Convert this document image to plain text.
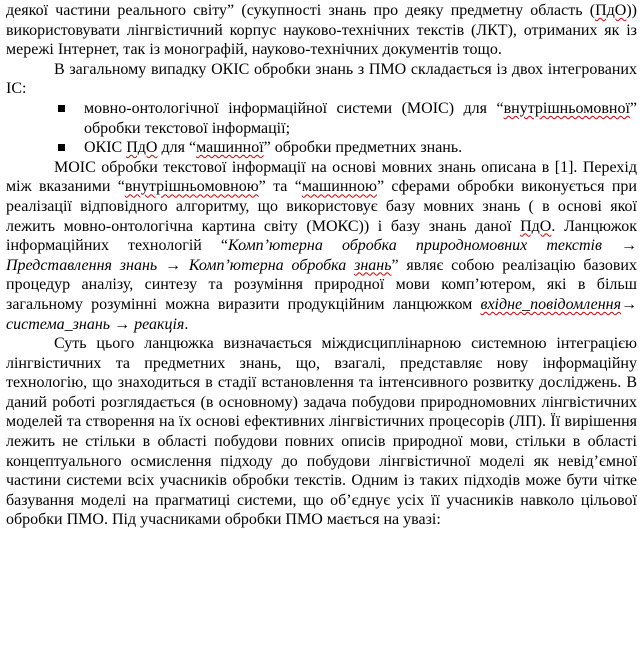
деякої частини реального світу” (сукупності знань про деяку предметну область (ПдО)) використовувати лінгвістичний корпус науково-технічних текстів (ЛКТ), отриманих як із мережі Інтернет, так із монографій, науково-технічних документів тощо.

В загальному випадку ОКІС обробки знань з ПМО складається із двох інтегрованих ІС:

мовно-онтологічної інформаційної системи (МОІС) для “внутрішньомовної” обробки текстової інформації;
ОКІС ПдО для “машинної” обробки предметних знань.

МОІС обробки текстової інформації на основі мовних знань описана в [1]. Перехід між вказаними “внутрішньомовною” та “машинною” сферами обробки виконується при реалізації відповідного алгоритму, що використовує базу мовних знань ( в основі якої лежить мовно-онтологічна картина світу (МОКС)) і базу знань даної ПдО. Ланцюжок інформаційних технологій “Комп’ютерна обробка природномовних текстів → Представлення знань → Комп’ютерна обробка знань” являє собою реалізацію базових процедур аналізу, синтезу та розуміння природної мови комп’ютером, які в більш загальному розумінні можна виразити продукційним ланцюжком вхідне_повідомлення→ система_знань → реакція.

Суть цього ланцюжка визначається міждисциплінарною системною інтеграцією лінгвістичних та предметних знань, що, взагалі, представляє нову інформаційну технологію, що знаходиться в стадії встановлення та інтенсивного розвитку досліджень. В даний роботі розглядається (в основному) задача побудови природномовних лінгвістичних моделей та створення на їх основі ефективних лінгвістичних процесорів (ЛП). Її вирішення лежить не стільки в області побудови повних описів природної мови, стільки в області концептуального осмислення підходу до побудови лінгвістичної моделі як невід’ємної частини системи всіх учасників обробки текстів. Одним із таких підходів може бути чітке базування моделі на прагматиці системи, що об’єднує усіх її учасників навколо цільової обробки ПМО. Під учасниками обробки ПМО мається на увазі:
